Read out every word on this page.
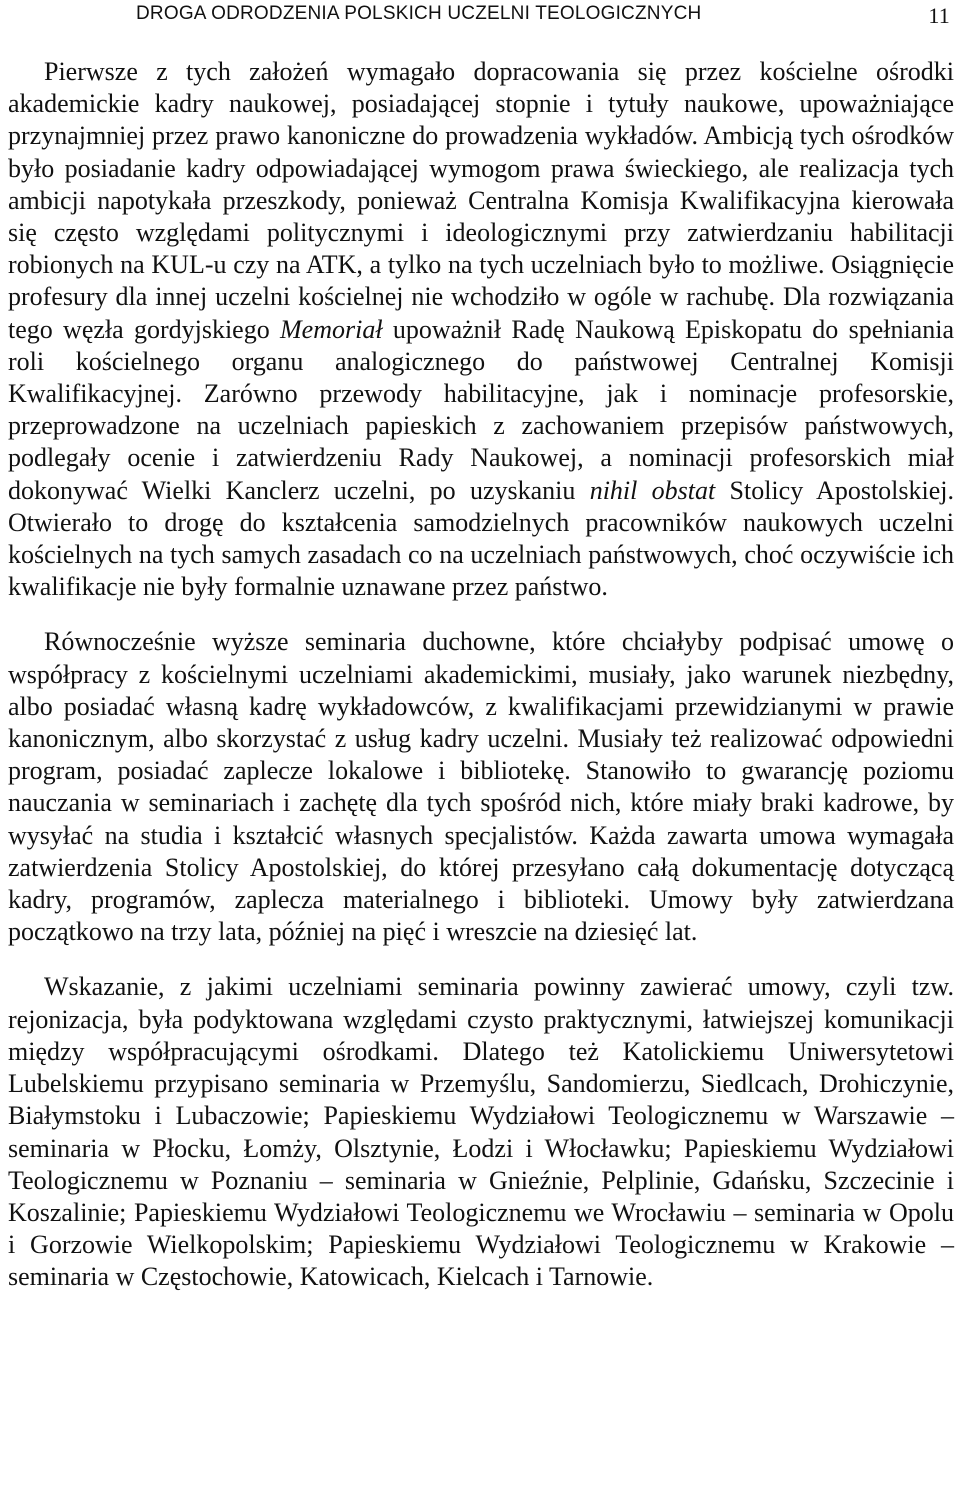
DROGA ODRODZENIA POLSKICH UCZELNI TEOLOGICZNYCH	11

Pierwsze z tych założeń wymagało dopracowania się przez kościelne ośrodki akademickie kadry naukowej, posiadającej stopnie i tytuły naukowe, upoważniające przynajmniej przez prawo kanoniczne do prowadzenia wykładów. Ambicją tych ośrodków było posiadanie kadry odpowiadającej wymogom prawa świeckiego, ale realizacja tych ambicji napotykała przeszkody, ponieważ Centralna Komisja Kwalifikacyjna kierowała się często względami politycznymi i ideologicznymi przy zatwierdzaniu habilitacji robionych na KUL-u czy na ATK, a tylko na tych uczelniach było to możliwe. Osiągnięcie profesury dla innej uczelni kościelnej nie wchodziło w ogóle w rachubę. Dla rozwiązania tego węzła gordyjskiego Memoriał upoważnił Radę Naukową Episkopatu do spełniania roli kościelnego organu analogicznego do państwowej Centralnej Komisji Kwalifikacyjnej. Zarówno przewody habilitacyjne, jak i nominacje profesorskie, przeprowadzone na uczelniach papieskich z zachowaniem przepisów państwowych, podlegały ocenie i zatwierdzeniu Rady Naukowej, a nominacji profesorskich miał dokonywać Wielki Kanclerz uczelni, po uzyskaniu nihil obstat Stolicy Apostolskiej. Otwierało to drogę do kształcenia samodzielnych pracowników naukowych uczelni kościelnych na tych samych zasadach co na uczelniach państwowych, choć oczywiście ich kwalifikacje nie były formalnie uznawane przez państwo.

Równocześnie wyższe seminaria duchowne, które chciałyby podpisać umowę o współpracy z kościelnymi uczelniami akademickimi, musiały, jako warunek niezbędny, albo posiadać własną kadrę wykładowców, z kwalifikacjami przewidzianymi w prawie kanonicznym, albo skorzystać z usług kadry uczelni. Musiały też realizować odpowiedni program, posiadać zaplecze lokalowe i bibliotekę. Stanowiło to gwarancję poziomu nauczania w seminariach i zachętę dla tych spośród nich, które miały braki kadrowe, by wysyłać na studia i kształcić własnych specjalistów. Każda zawarta umowa wymagała zatwierdzenia Stolicy Apostolskiej, do której przesyłano całą dokumentację dotyczącą kadry, programów, zaplecza materialnego i biblioteki. Umowy były zatwierdzana początkowo na trzy lata, później na pięć i wreszcie na dziesięć lat.

Wskazanie, z jakimi uczelniami seminaria powinny zawierać umowy, czyli tzw. rejonizacja, była podyktowana względami czysto praktycznymi, łatwiejszej komunikacji między współpracującymi ośrodkami. Dlatego też Katolickiemu Uniwersytetowi Lubelskiemu przypisano seminaria w Przemyślu, Sandomierzu, Siedlcach, Drohiczynie, Białymstoku i Lubaczowie; Papieskiemu Wydziałowi Teologicznemu w Warszawie – seminaria w Płocku, Łomży, Olsztynie, Łodzi i Włocławku; Papieskiemu Wydziałowi Teologicznemu w Poznaniu – seminaria w Gnieźnie, Pelplinie, Gdańsku, Szczecinie i Koszalinie; Papieskiemu Wydziałowi Teologicznemu we Wrocławiu – seminaria w Opolu i Gorzowie Wielkopolskim; Papieskiemu Wydziałowi Teologicznemu w Krakowie – seminaria w Częstochowie, Katowicach, Kielcach i Tarnowie.
